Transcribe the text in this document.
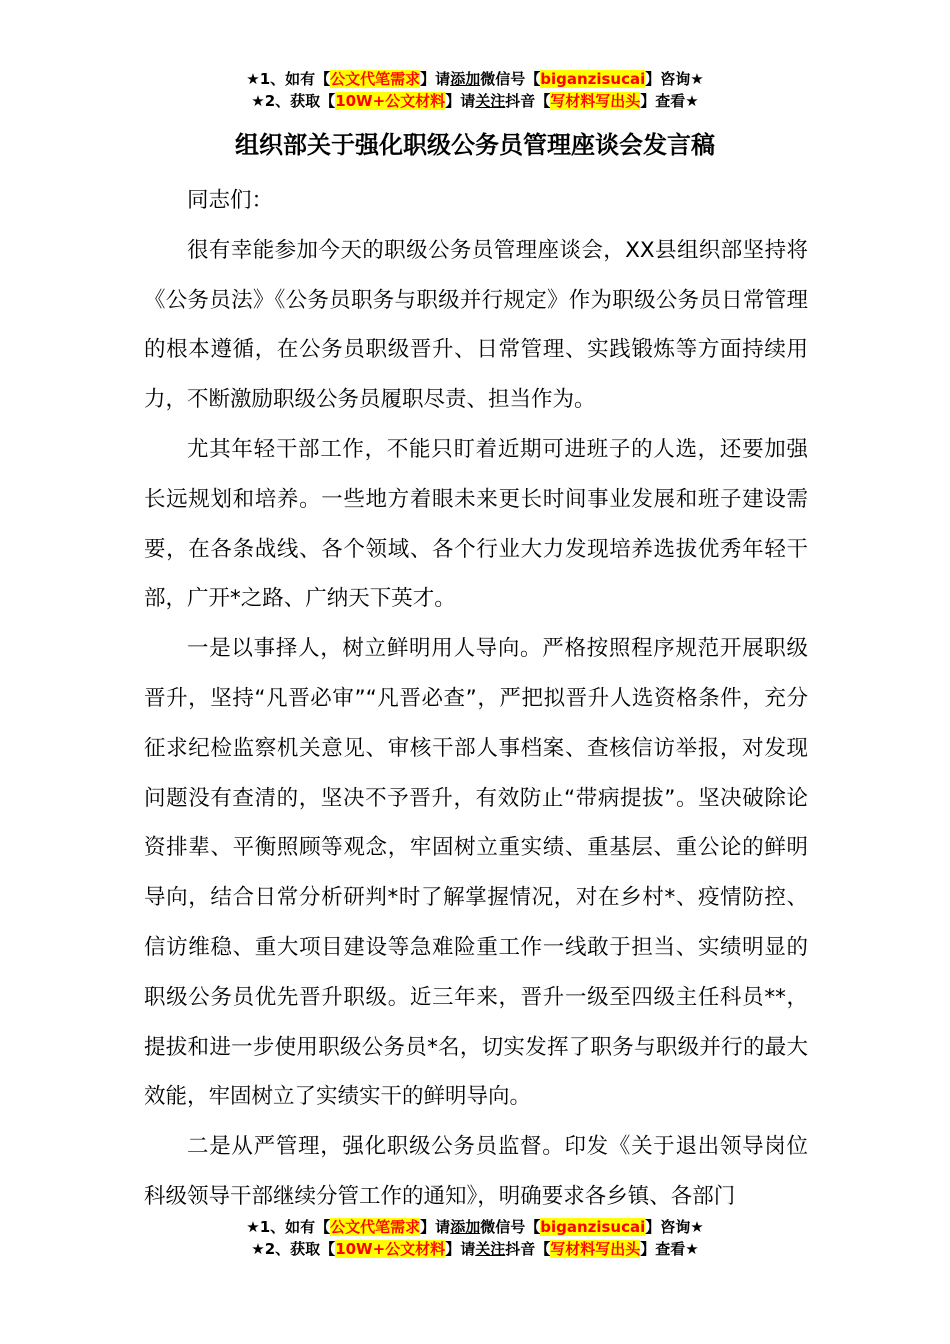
★1、如有【公文代笔需求】请添加微信号【biganzisucai】咨询★
★2、获取【10W+公文材料】请关注抖音【写材料写出头】查看★
组织部关于强化职级公务员管理座谈会发言稿

同志们：

很有幸能参加今天的职级公务员管理座谈会，XX县组织部坚持将《公务员法》《公务员职务与职级并行规定》作为职级公务员日常管理的根本遵循，在公务员职级晋升、日常管理、实践锻炼等方面持续用力，不断激励职级公务员履职尽责、担当作为。

尤其年轻干部工作，不能只盯着近期可进班子的人选，还要加强长远规划和培养。一些地方着眼未来更长时间事业发展和班子建设需要，在各条战线、各个领域、各个行业大力发现培养选拔优秀年轻干部，广开*之路、广纳天下英才。

一是以事择人，树立鲜明用人导向。严格按照程序规范开展职级晋升，坚持“凡晋必审”“凡晋必查”，严把拟晋升人选资格条件，充分征求纪检监察机关意见、审核干部人事档案、查核信访举报，对发现问题没有查清的，坚决不予晋升，有效防止“带病提拔”。坚决破除论资排辈、平衡照顾等观念，牢固树立重实绩、重基层、重公论的鲜明导向，结合日常分析研判*时了解掌握情况，对在乡村*、疫情防控、信访维稳、重大项目建设等急难险重工作一线敢于担当、实绩明显的职级公务员优先晋升职级。近三年来，晋升一级至四级主任科员**，提拔和进一步使用职级公务员*名，切实发挥了职务与职级并行的最大效能，牢固树立了实绩实干的鲜明导向。

二是从严管理，强化职级公务员监督。印发《关于退出领导岗位科级领导干部继续分管工作的通知》，明确要求各乡镇、各部门

★1、如有【公文代笔需求】请添加微信号【biganzisucai】咨询★
★2、获取【10W+公文材料】请关注抖音【写材料写出头】查看★
